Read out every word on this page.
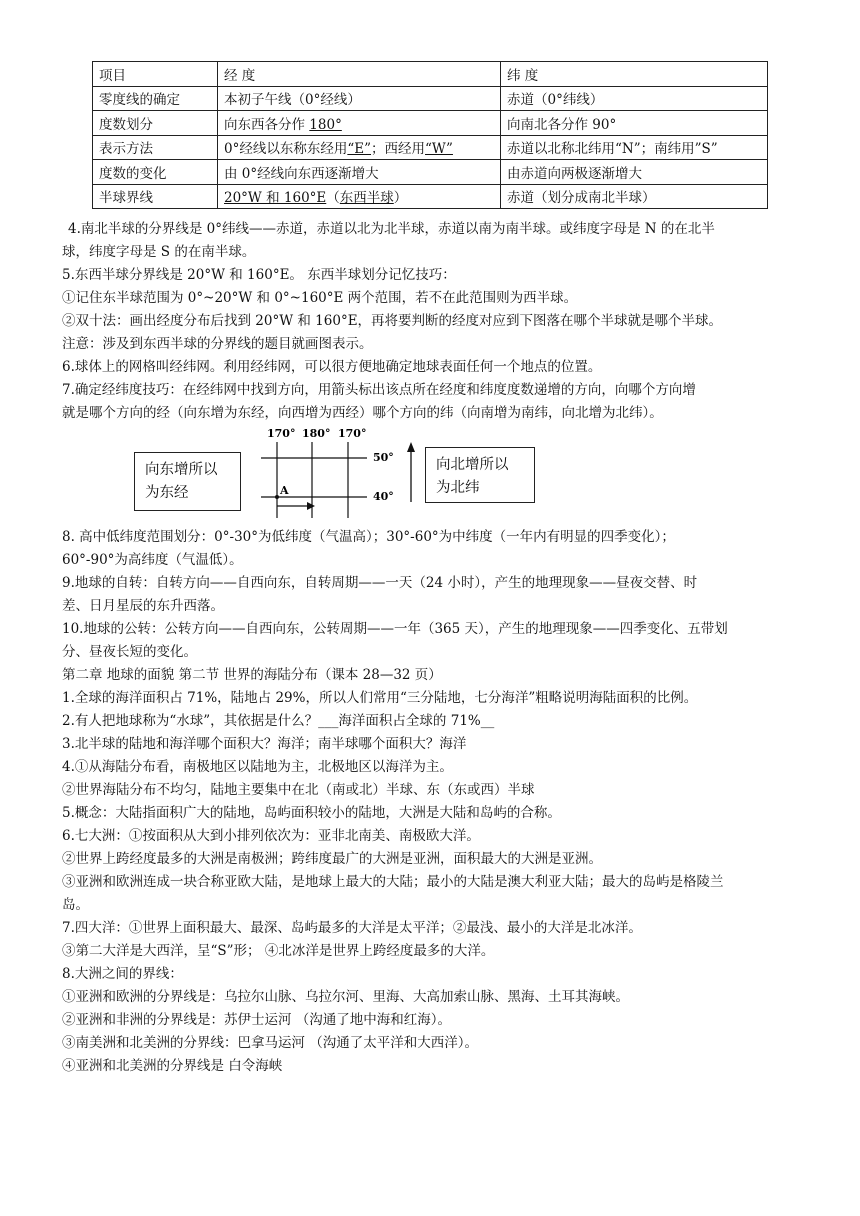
项目	经 度	纬 度
零度线的确定	本初子午线（0°经线）	赤道（0°纬线）
度数划分	向东西各分作 180°	向南北各分作 90°
表示方法	0°经线以东称东经用“E”；西经用“W”	赤道以北称北纬用“N”；南纬用”S”
度数的变化	由 0°经线向东西逐渐增大	由赤道向两极逐渐增大
半球界线	20°W 和 160°E（东西半球）	赤道（划分成南北半球）
4.南北半球的分界线是 0°纬线——赤道，赤道以北为北半球，赤道以南为南半球。或纬度字母是 N 的在北半
球，纬度字母是 S 的在南半球。
5.东西半球分界线是 20°W 和 160°E。 东西半球划分记忆技巧：
①记住东半球范围为 0°~20°W 和 0°~160°E 两个范围，若不在此范围则为西半球。
②双十法：画出经度分布后找到 20°W 和 160°E，再将要判断的经度对应到下图落在哪个半球就是哪个半球。
注意：涉及到东西半球的分界线的题目就画图表示。
6.球体上的网格叫经纬网。利用经纬网，可以很方便地确定地球表面任何一个地点的位置。
7.确定经纬度技巧：在经纬网中找到方向，用箭头标出该点所在经度和纬度度数递增的方向，向哪个方向增
就是哪个方向的经（向东增为东经，向西增为西经）哪个方向的纬（向南增为南纬，向北增为北纬）。
向东增所以
为东经
向北增所以
为北纬
170° 180° 170°
50°
40°
A
8. 高中低纬度范围划分：0°-30°为低纬度（气温高）；30°-60°为中纬度（一年内有明显的四季变化）；
60°-90°为高纬度（气温低）。
9.地球的自转：自转方向——自西向东，自转周期——一天（24 小时），产生的地理现象——昼夜交替、时
差、日月星辰的东升西落。
10.地球的公转：公转方向——自西向东，公转周期——一年（365 天），产生的地理现象——四季变化、五带划
分、昼夜长短的变化。
第二章 地球的面貌 第二节 世界的海陆分布（课本 28—32 页）
1.全球的海洋面积占 71%，陆地占 29%，所以人们常用“三分陆地，七分海洋”粗略说明海陆面积的比例。
2.有人把地球称为“水球”，其依据是什么？___海洋面积占全球的 71%__
3.北半球的陆地和海洋哪个面积大？海洋；南半球哪个面积大？海洋
4.①从海陆分布看，南极地区以陆地为主，北极地区以海洋为主。
②世界海陆分布不均匀，陆地主要集中在北（南或北）半球、东（东或西）半球
5.概念：大陆指面积广大的陆地，岛屿面积较小的陆地，大洲是大陆和岛屿的合称。
6.七大洲：①按面积从大到小排列依次为：亚非北南美、南极欧大洋。
②世界上跨经度最多的大洲是南极洲；跨纬度最广的大洲是亚洲，面积最大的大洲是亚洲。
③亚洲和欧洲连成一块合称亚欧大陆，是地球上最大的大陆；最小的大陆是澳大利亚大陆；最大的岛屿是格陵兰
岛。
7.四大洋：①世界上面积最大、最深、岛屿最多的大洋是太平洋；②最浅、最小的大洋是北冰洋。
③第二大洋是大西洋，呈“S”形； ④北冰洋是世界上跨经度最多的大洋。
8.大洲之间的界线：
①亚洲和欧洲的分界线是：乌拉尔山脉、乌拉尔河、里海、大高加索山脉、黑海、土耳其海峡。
②亚洲和非洲的分界线是：苏伊士运河 （沟通了地中海和红海）。
③南美洲和北美洲的分界线：巴拿马运河 （沟通了太平洋和大西洋）。
④亚洲和北美洲的分界线是 白令海峡
